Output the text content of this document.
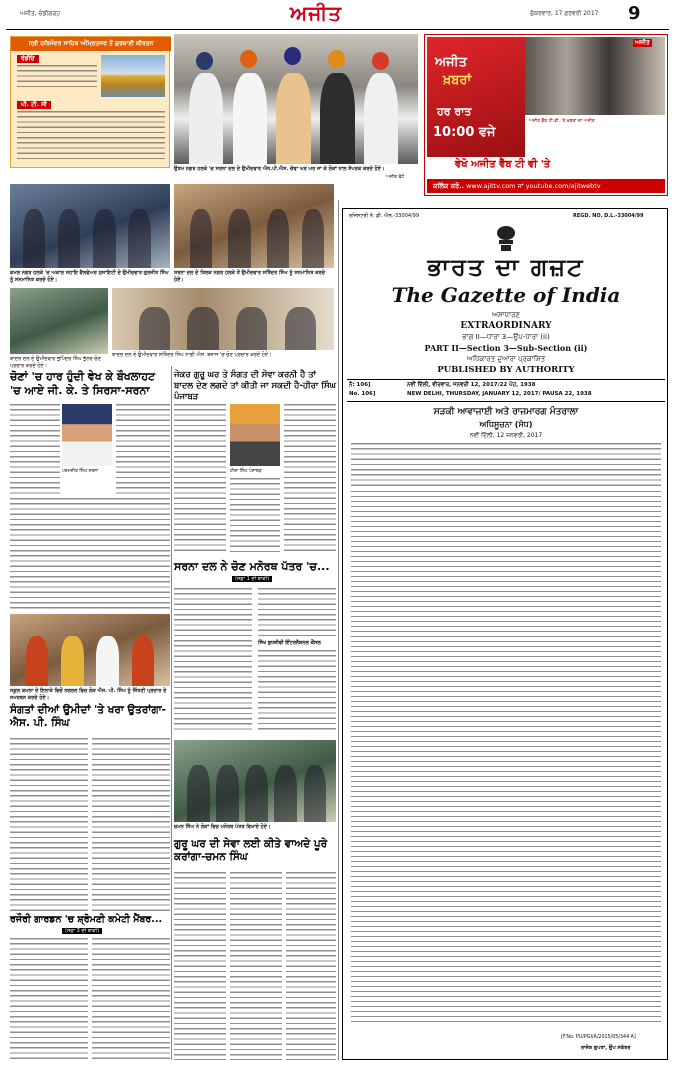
ਅਜੀਤ, ਚੰਡੀਗੜ੍ਹ	ਅਜੀਤ	ਸ਼ੁੱਕਰਵਾਰ, 17 ਫ਼ਰਵਰੀ 2017 9
ਸ੍ਰੀ ਹਰਿਮੰਦਰ ਸਾਹਿਬ ਅੰਮ੍ਰਿਤਸਰ ਤੋਂ ਗੁਰਬਾਣੀ ਕੀਰਤਨ
ਰੇਡੀਓ
ਪੀ. ਟੀ. ਸੀ
ਉਤਮ ਨਗਰ ਹਲਕੇ 'ਚ ਸਰਨਾ ਦਲ ਦੇ ਉਮੀਦਵਾਰ ਐਨ.ਪੀ.ਐਸ. ਚੱਢਾ ਘਰ ਘਰ ਜਾ ਕੇ ਲੋਕਾਂ ਨਾਲ ਸੰਪਰਕ ਕਰਦੇ ਹੋਏ।
ਅਜੀਤ ਫੋਟੋ
ਅਜੀਤ
ਖ਼ਬਰਾਂ
ਹਰ ਰਾਤ
10:00 ਵਜੇ
ਅਜੀਤ
ਅਜੀਤ ਵੈੱਬ ਟੀ.ਵੀ. 'ਤੇ ਖ਼ਬਰਾਂ ਦਾ ਅਜੀਤ
ਵੇਖੋ ਅਜੀਤ ਵੈੱਬ ਟੀ ਵੀ 'ਤੇ
ਕਲਿੱਕ ਕਰੋ.. www.ajittv.com ਜਾਂ youtube.com/ajitwebtv
ਕਮਲ ਨਗਰ ਹਲਕੇ 'ਚ ਅਕਾਲ ਸਹਾਇ ਵੈਲਫੇਅਰ ਸੁਸਾਇਟੀ ਦੇ ਉਮੀਦਵਾਰ ਗੁਰਜੀਤ ਸਿੰਘ ਨੂੰ ਸਨਮਾਨਿਤ ਕਰਦੇ ਹੋਏ।
ਸਰਨਾ ਦਲ ਦੇ ਤਿਲਕ ਨਗਰ ਹਲਕੇ ਤੋਂ ਉਮੀਦਵਾਰ ਸਤਿੰਦਰ ਸਿੰਘ ਨੂੰ ਸਨਮਾਨਿਤ ਕਰਦੇ ਹੋਏ।
ਬਾਦਲ ਦਲ ਦੇ ਉਮੀਦਵਾਰ ਭੁਪਿੰਦਰ ਸਿੰਘ ਭੁੱਲਰ ਚੋਣ ਪ੍ਰਚਾਰ ਕਰਦੇ ਹੋਏ।
ਬਾਦਲ ਦਲ ਦੇ ਉਮੀਦਵਾਰ ਸਤਿੰਦਰ ਸਿੰਘ ਨਾਗੀ ਐਸ. ਬਜਾਜ 'ਚ ਚੋਣ ਪ੍ਰਚਾਰ ਕਰਦੇ ਹੋਏ।
ਚੋਣਾਂ 'ਚ ਹਾਰ ਹੁੰਦੀ ਵੇਖ ਕੇ ਬੌਖਲਾਹਟ 'ਚ ਆਏ ਜੀ. ਕੇ. ਤੇ ਸਿਰਸਾ-ਸਰਨਾ
ਜੇਕਰ ਗੁਰੂ ਘਰ ਤੇ ਸੰਗਤ ਦੀ ਸੇਵਾ ਕਰਨੀ ਹੈ ਤਾਂ ਬਾਦਲ ਦੇਣ ਲਗਦੇ ਤਾਂ ਕੀਤੀ ਜਾ ਸਕਦੀ ਹੈ-ਹੀਰਾ ਸਿੰਘ ਪੰਜਾਬੜ
ਪਰਮਜੀਤ ਸਿੰਘ ਸਰਨਾ	ਹੀਰਾ ਸਿੰਘ ਪੰਜਾਬੜ
ਸਰਨਾ ਦਲ ਨੇ ਚੋਣ ਮਨੋਰਥ ਪੱਤਰ 'ਚ...
(ਸਫ਼ਾ 1 ਦੀ ਬਾਕੀ)
ਸਿੱਖ ਬੁਧਜੀਵੀ ਇੰਟਰਨੈਸ਼ਨਲ ਕੌਂਸਲ
ਸਕੂਲ ਕਮਲਾ ਦੇ ਇਲਾਕੇ ਵਿਚੋਂ ਨਗਰਲ ਵਿਚ ਲੋਕ ਐਸ. ਪੀ. ਸਿੰਘ ਨੂੰ ਜਿੱਤਣੀ ਪ੍ਰਚਾਰ ਦੇ ਸਮਰਥਨ ਕਰਦੇ ਹੋਏ।
ਸੰਗਤਾਂ ਦੀਆਂ ਉਮੀਦਾਂ 'ਤੇ ਖਰਾ ਉਤਰਾਂਗਾ-ਐਸ. ਪੀ. ਸਿੰਘ
ਚਮਨ ਸਿੰਘ ਨੇ ਲੋਕਾਂ ਵਿਚ ਮਨੋਰਥ ਪੱਤਰ ਵਿਖਾਏ ਹੋਏ।
ਗੁਰੂ ਘਰ ਦੀ ਸੇਵਾ ਲਈ ਕੀਤੇ ਵਾਅਦੇ ਪੂਰੇ ਕਰਾਂਗਾ-ਚਮਨ ਸਿੰਘ
ਰਜੌਰੀ ਗਾਰਡਨ 'ਚ ਸ਼੍ਰੋਮਣੀ ਕਮੇਟੀ ਮੈਂਬਰ...
(ਸਫ਼ਾ 3 ਦੀ ਬਾਕੀ)
ਰਜਿਸਟਰੀ ਨੰ: ਡੀ. ਐਲ.-33004/99	REGD. NO. D.L.-33004/99
ਭਾਰਤ ਦਾ ਗਜ਼ਟ
The Gazette of India
ਅਸਾਧਾਰਣ
EXTRAORDINARY
ਭਾਗ II—ਧਾਰਾ 3—ਉਪ-ਧਾਰਾ (ii)
PART II—Section 3—Sub-Section (ii)
ਅਧਿਕਾਰਤ ਦੁਆਰਾ ਪ੍ਰਕਾਸ਼ਿਤ
PUBLISHED BY AUTHORITY
ਨੰ: 106]	ਨਵੀਂ ਦਿੱਲੀ, ਵੀਰਵਾਰ, ਜਨਵਰੀ 12, 2017/22 ਪੋਹ, 1938
No. 106]	NEW DELHI, THURSDAY, JANUARY 12, 2017/ PAUSA 22, 1938
ਸੜਕੀ ਆਵਾਜਾਈ ਅਤੇ ਰਾਜਮਾਰਗ ਮੰਤਰਾਲਾ
ਅਧਿਸੂਚਨਾ (ਸੋਧ)
ਨਵੀਂ ਦਿੱਲੀ, 12 ਜਨਵਰੀ, 2017
[F.No. PU/PGI/A/2015/05/344 A]
ਰਾਜੇਸ਼ ਗੁਪਤਾ, ਉਪ ਸਕੱਤਰ
